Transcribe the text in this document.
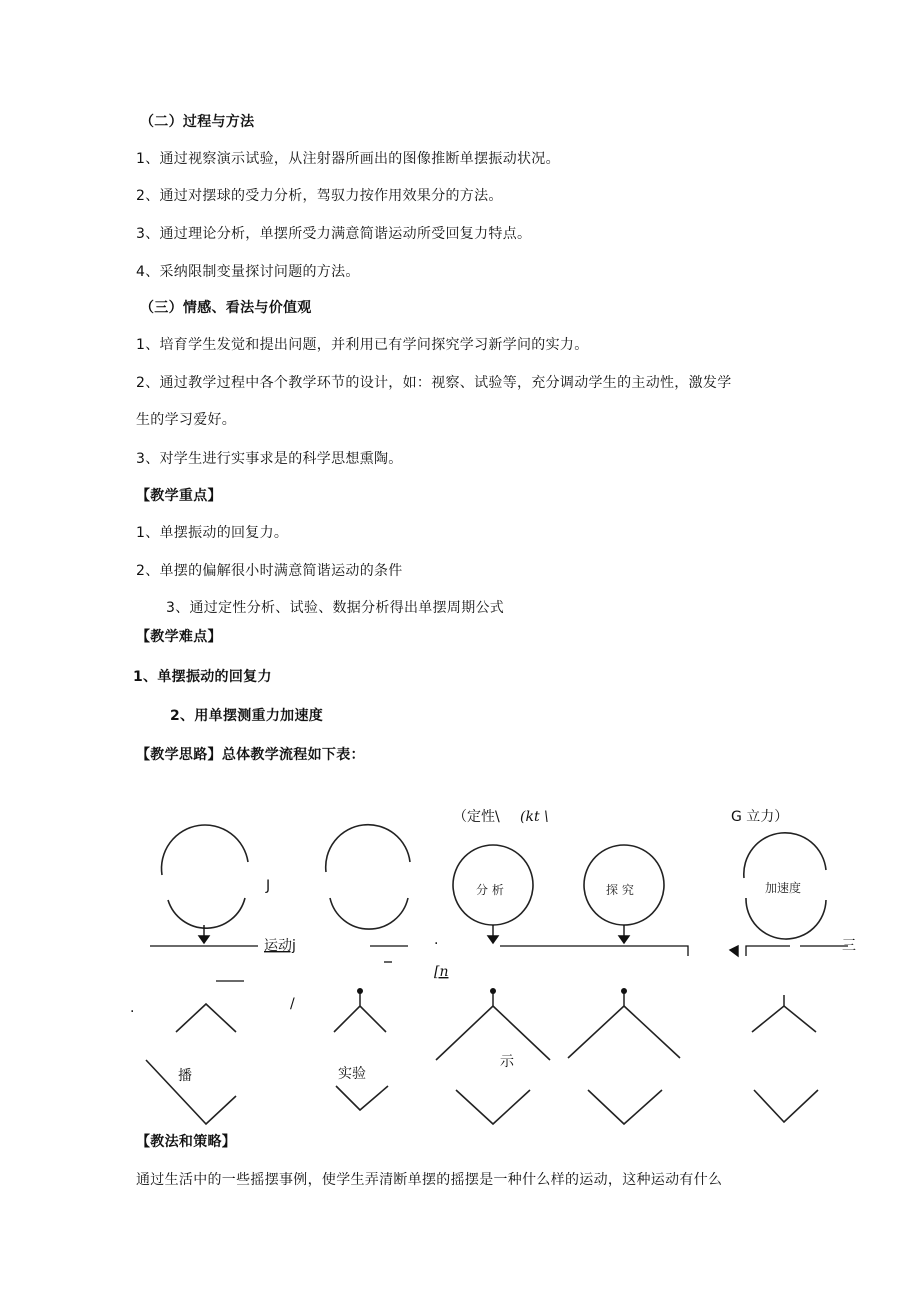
（二）过程与方法
1、通过视察演示试验，从注射器所画出的图像推断单摆振动状况。
2、通过对摆球的受力分析，驾驭力按作用效果分的方法。
3、通过理论分析，单摆所受力满意简谐运动所受回复力特点。
4、采纳限制变量探讨问题的方法。
（三）情感、看法与价值观
1、培育学生发觉和提出问题，并利用已有学问探究学习新学问的实力。
2、通过教学过程中各个教学环节的设计，如：视察、试验等，充分调动学生的主动性，激发学
生的学习爱好。
3、对学生进行实事求是的科学思想熏陶。
【教学重点】
1、单摆振动的回复力。
2、单摆的偏解很小时满意简谐运动的条件
3、通过定性分析、试验、数据分析得出单摆周期公式
【教学难点】
1、单摆振动的回复力
2、用单摆测重力加速度
【教学思路】总体教学流程如下表：
（定性\ (kt \	G 立力）
J	分 析	探 究	加速度
运动j	·
[n
/
·
三
播	实验
示
【教法和策略】
通过生活中的一些摇摆事例，使学生弄清断单摆的摇摆是一种什么样的运动，这种运动有什么
